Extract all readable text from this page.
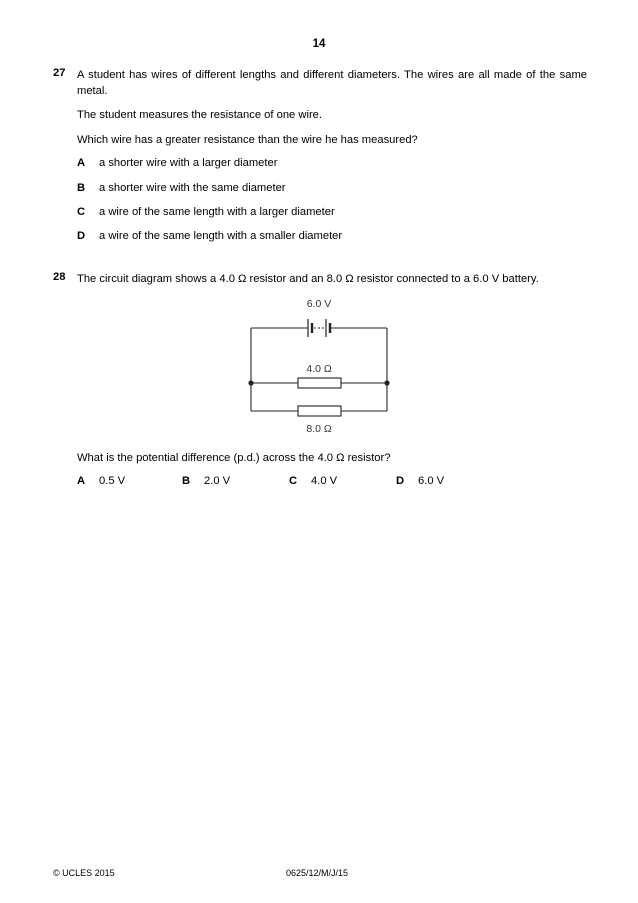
14
27 A student has wires of different lengths and different diameters. The wires are all made of the same metal.
The student measures the resistance of one wire.
Which wire has a greater resistance than the wire he has measured?
A a shorter wire with a larger diameter
B a shorter wire with the same diameter
C a wire of the same length with a larger diameter
D a wire of the same length with a smaller diameter
28 The circuit diagram shows a 4.0 Ω resistor and an 8.0 Ω resistor connected to a 6.0 V battery.
6.0 V
4.0 Ω
8.0 Ω
What is the potential difference (p.d.) across the 4.0 Ω resistor?
A 0.5 V	B 2.0 V	C 4.0 V	D 6.0 V
© UCLES 2015	0625/12/M/J/15
